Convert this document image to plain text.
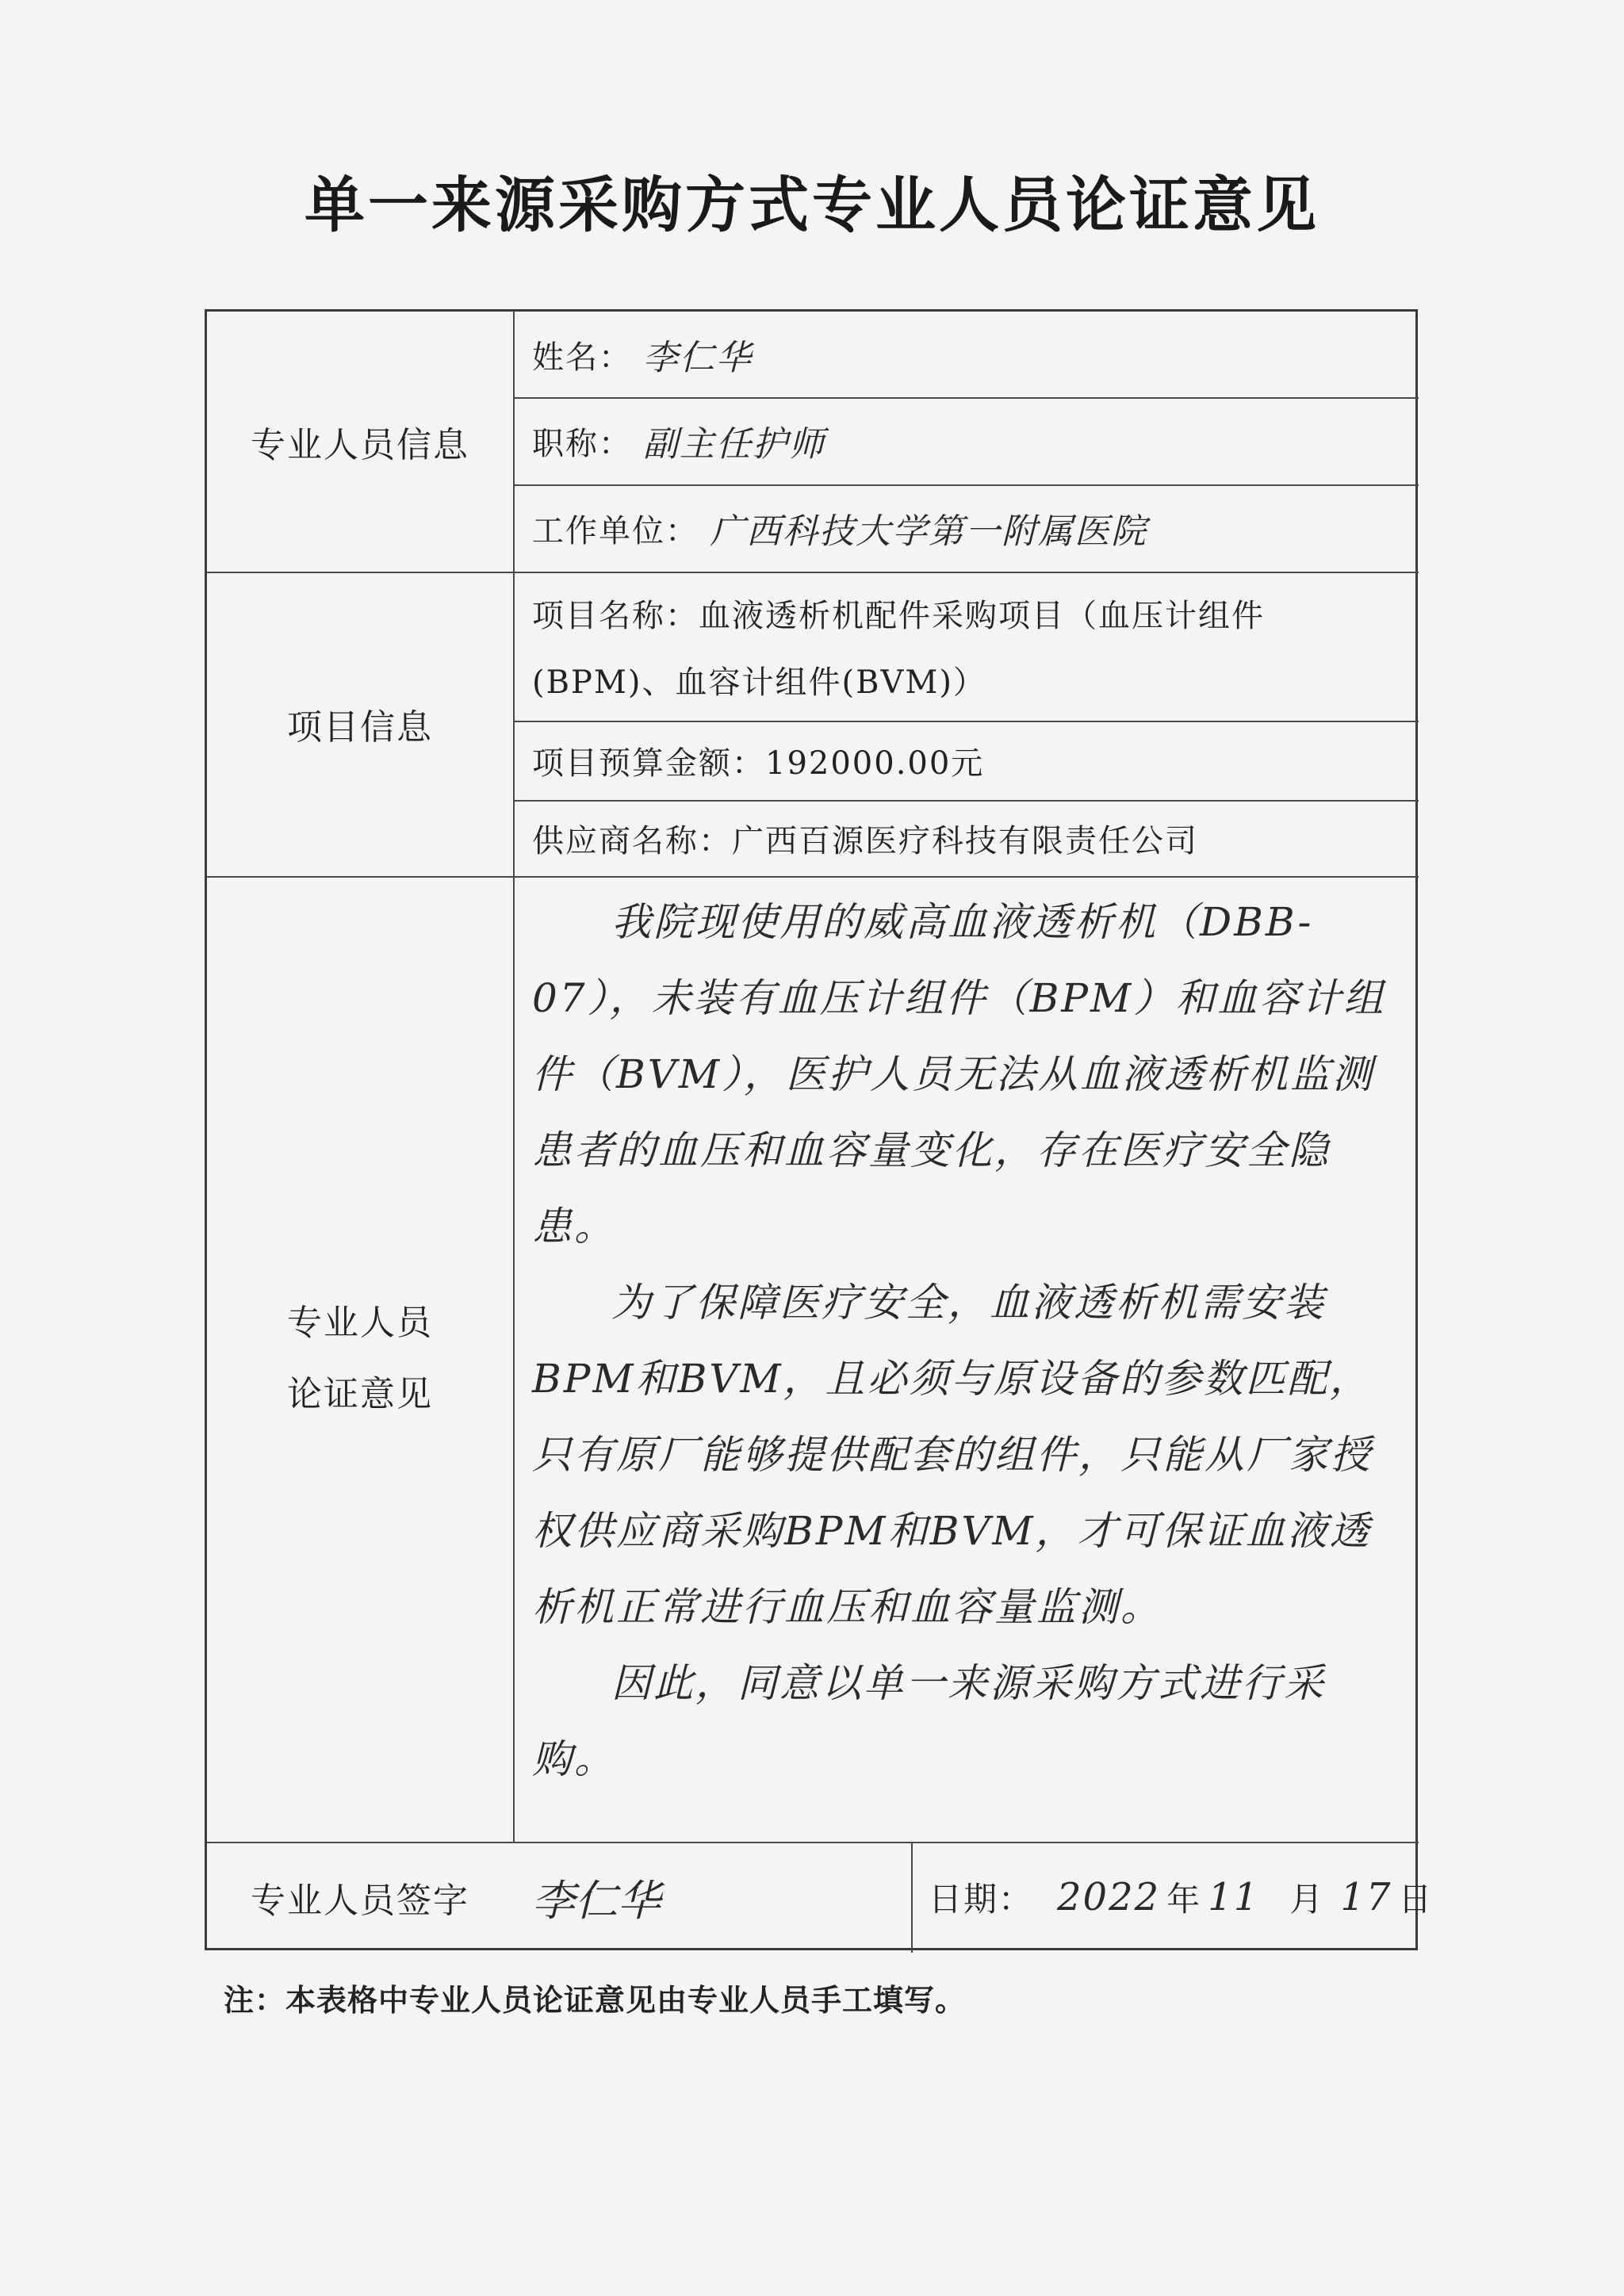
单一来源采购方式专业人员论证意见
专业人员信息
姓名： 李仁华
职称： 副主任护师
工作单位： 广西科技大学第一附属医院
项目信息
项目名称：血液透析机配件采购项目（血压计组件
(BPM)、血容计组件(BVM)）
项目预算金额： 192000.00元
供应商名称： 广西百源医疗科技有限责任公司
专业人员
论证意见

我院现使用的威高血液透析机（DBB-07），未装有血压计组件（BPM）和血容计组件（BVM），医护人员无法从血液透析机监测患者的血压和血容量变化，存在医疗安全隐患。

为了保障医疗安全，血液透析机需安装BPM和BVM，且必须与原设备的参数匹配，只有原厂能够提供配套的组件，只能从厂家授权供应商采购BPM和BVM，才可保证血液透析机正常进行血压和血容量监测。

因此，同意以单一来源采购方式进行采购。

专业人员签字	李仁华	日期： 2022 年 11 月 17 日
注：本表格中专业人员论证意见由专业人员手工填写。
